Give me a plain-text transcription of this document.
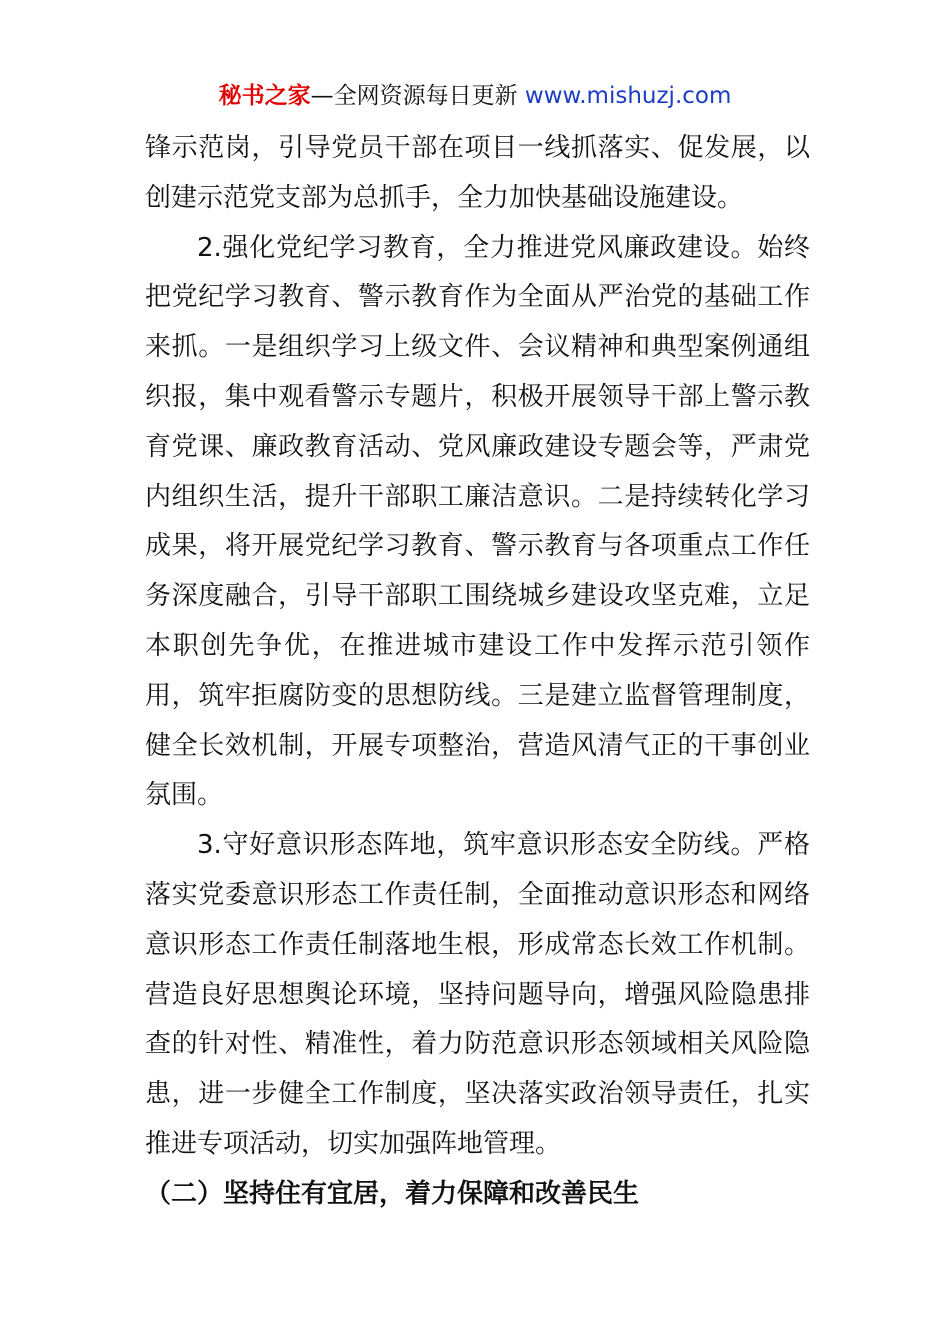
秘书之家—全网资源每日更新 www.mishuzj.com

锋示范岗，引导党员干部在项目一线抓落实、促发展，以创建示范党支部为总抓手，全力加快基础设施建设。

2.强化党纪学习教育，全力推进党风廉政建设。始终把党纪学习教育、警示教育作为全面从严治党的基础工作来抓。一是组织学习上级文件、会议精神和典型案例通组织报，集中观看警示专题片，积极开展领导干部上警示教育党课、廉政教育活动、党风廉政建设专题会等，严肃党内组织生活，提升干部职工廉洁意识。二是持续转化学习成果，将开展党纪学习教育、警示教育与各项重点工作任务深度融合，引导干部职工围绕城乡建设攻坚克难，立足本职创先争优，在推进城市建设工作中发挥示范引领作用，筑牢拒腐防变的思想防线。三是建立监督管理制度，健全长效机制，开展专项整治，营造风清气正的干事创业氛围。

3.守好意识形态阵地，筑牢意识形态安全防线。严格落实党委意识形态工作责任制，全面推动意识形态和网络意识形态工作责任制落地生根，形成常态长效工作机制。营造良好思想舆论环境，坚持问题导向，增强风险隐患排查的针对性、精准性，着力防范意识形态领域相关风险隐患，进一步健全工作制度，坚决落实政治领导责任，扎实推进专项活动，切实加强阵地管理。

（二）坚持住有宜居，着力保障和改善民生
